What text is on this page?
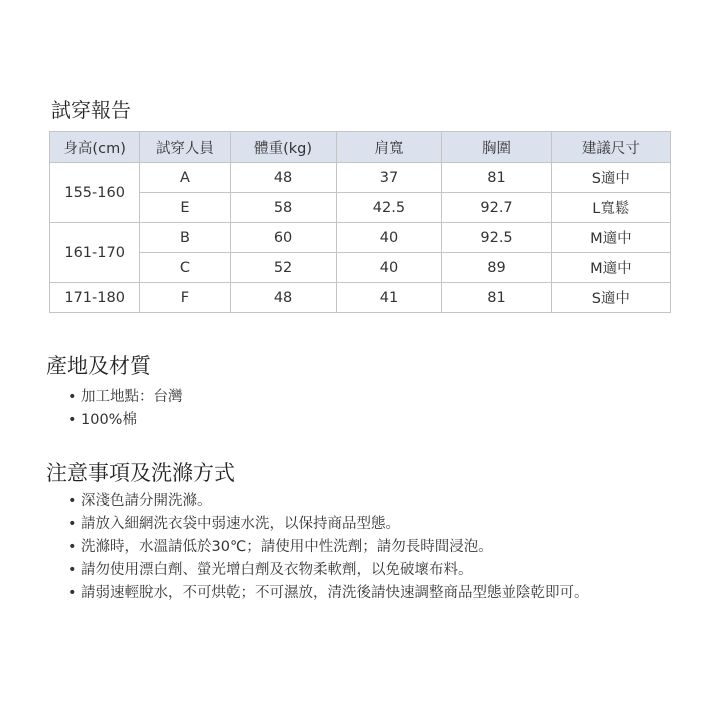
試穿報告
身高(cm)	試穿人員	體重(kg)	肩寬	胸圍	建議尺寸
155-160	A	48	37	81	S適中
	E	58	42.5	92.7	L寬鬆
161-170	B	60	40	92.5	M適中
	C	52	40	89	M適中
171-180	F	48	41	81	S適中
產地及材質
• 加工地點：台灣
• 100%棉
注意事項及洗滌方式
• 深淺色請分開洗滌。
• 請放入細網洗衣袋中弱速水洗，以保持商品型態。
• 洗滌時，水溫請低於30℃；請使用中性洗劑；請勿長時間浸泡。
• 請勿使用漂白劑、螢光增白劑及衣物柔軟劑，以免破壞布料。
• 請弱速輕脫水，不可烘乾；不可濕放，清洗後請快速調整商品型態並陰乾即可。
